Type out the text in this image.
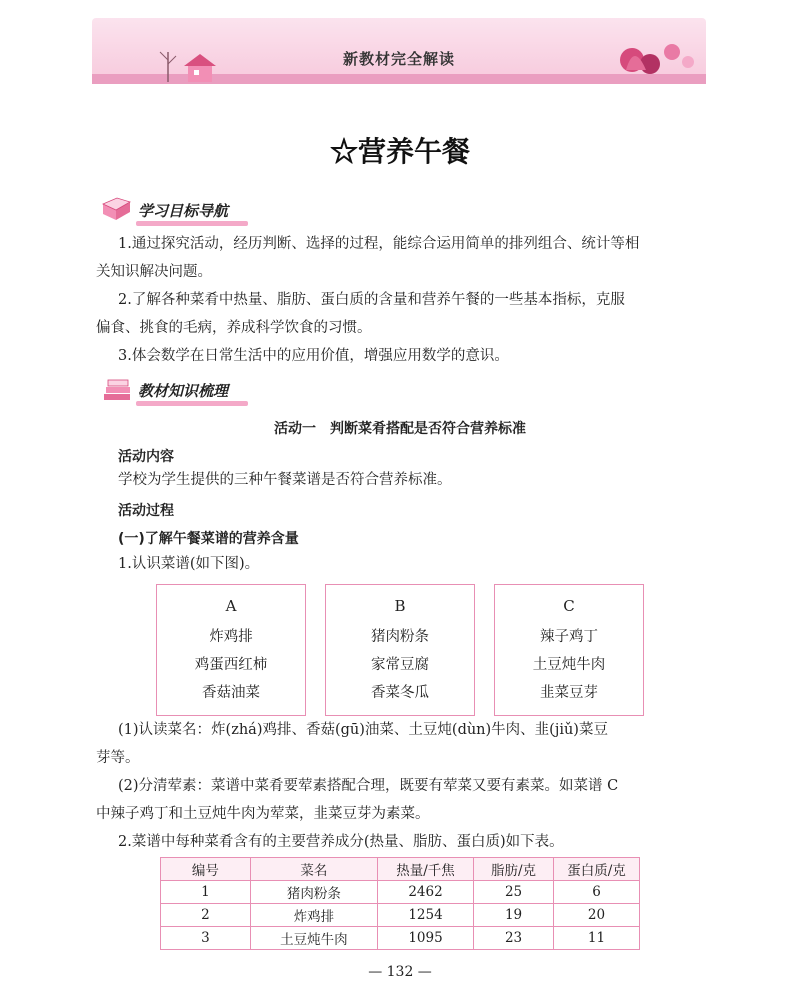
新教材完全解读
☆营养午餐
学习目标导航

1.通过探究活动，经历判断、选择的过程，能综合运用简单的排列组合、统计等相

关知识解决问题。

2.了解各种菜肴中热量、脂肪、蛋白质的含量和营养午餐的一些基本指标，克服

偏食、挑食的毛病，养成科学饮食的习惯。

3.体会数学在日常生活中的应用价值，增强应用数学的意识。

教材知识梳理
活动一　判断菜肴搭配是否符合营养标准
活动内容

学校为学生提供的三种午餐菜谱是否符合营养标准。

活动过程
(一)了解午餐菜谱的营养含量

1.认识菜谱(如下图)。

A
炸鸡排
鸡蛋西红柿
香菇油菜
B
猪肉粉条
家常豆腐
香菜冬瓜
C
辣子鸡丁
土豆炖牛肉
韭菜豆芽

(1)认读菜名：炸(zhá)鸡排、香菇(gū)油菜、土豆炖(dùn)牛肉、韭(jiǔ)菜豆

芽等。

(2)分清荤素：菜谱中菜肴要荤素搭配合理，既要有荤菜又要有素菜。如菜谱 C

中辣子鸡丁和土豆炖牛肉为荤菜，韭菜豆芽为素菜。

2.菜谱中每种菜肴含有的主要营养成分(热量、脂肪、蛋白质)如下表。

编号	菜名	热量/千焦	脂肪/克	蛋白质/克
1	猪肉粉条	2462	25	6
2	炸鸡排	1254	19	20
3	土豆炖牛肉	1095	23	11
— 132 —
